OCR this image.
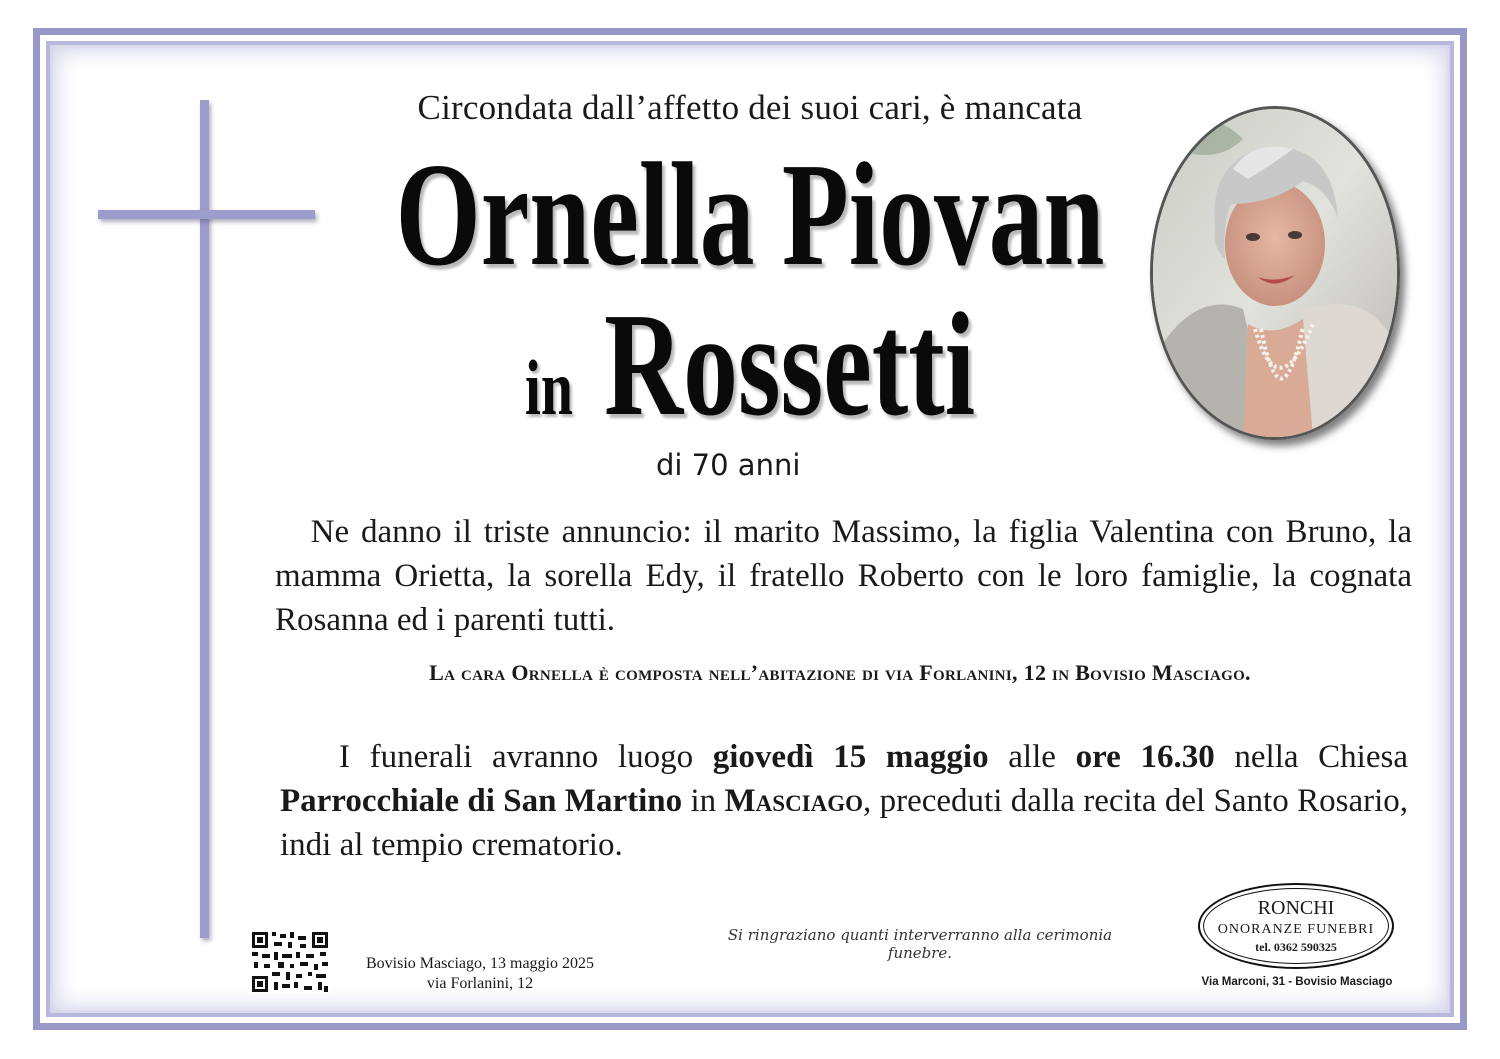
Circondata dall’affetto dei suoi cari, è mancata
Ornella Piovan
in Rossetti
di 70 anni
Ne danno il triste annuncio: il marito Massimo, la figlia Valentina con Bruno, la mamma Orietta, la sorella Edy, il fratello Roberto con le loro famiglie, la cognata Rosanna ed i parenti tutti.
La cara Ornella è composta nell’abitazione di via Forlanini, 12 in Bovisio Masciago.
I funerali avranno luogo giovedì 15 maggio alle ore 16.30 nella Chiesa Parrocchiale di San Martino in Masciago, preceduti dalla recita del Santo Rosario, indi al tempio crematorio.
Bovisio Masciago, 13 maggio 2025
via Forlanini, 12
Si ringraziano quanti interverranno alla cerimonia funebre.
RONCHI
ONORANZE FUNEBRI
tel. 0362 590325
Via Marconi, 31 - Bovisio Masciago
